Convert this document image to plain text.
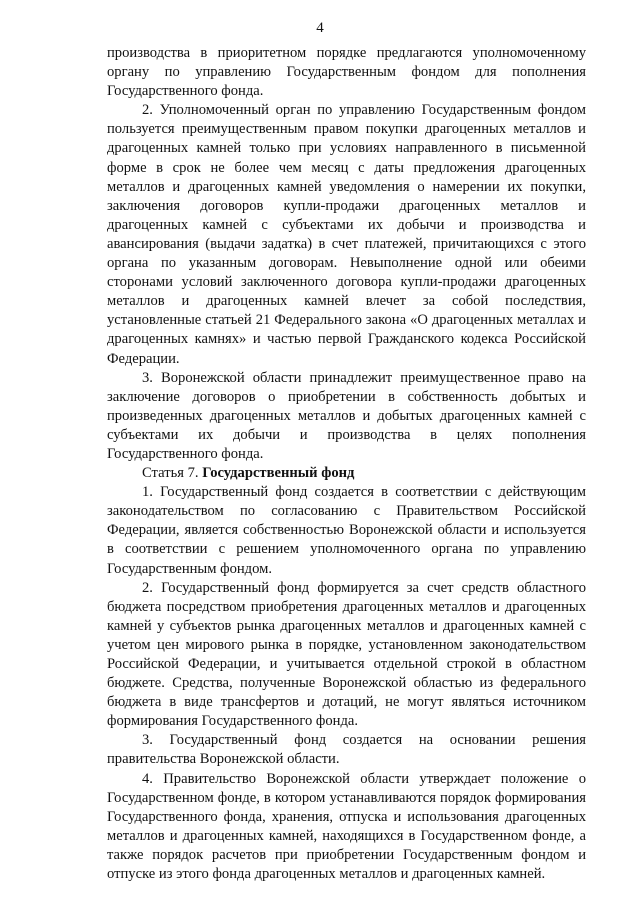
4

производства в приоритетном порядке предлагаются уполномоченному органу по управлению Государственным фондом для пополнения Государственного фонда.

2. Уполномоченный орган по управлению Государственным фондом пользуется преимущественным правом покупки драгоценных металлов и драгоценных камней только при условиях направленного в письменной форме в срок не более чем месяц с даты предложения драгоценных металлов и драгоценных камней уведомления о намерении их покупки, заключения договоров купли-продажи драгоценных металлов и драгоценных камней с субъектами их добычи и производства и авансирования (выдачи задатка) в счет платежей, причитающихся с этого органа по указанным договорам. Невыполнение одной или обеими сторонами условий заключенного договора купли-продажи драгоценных металлов и драгоценных камней влечет за собой последствия, установленные статьей 21 Федерального закона «О драгоценных металлах и драгоценных камнях» и частью первой Гражданского кодекса Российской Федерации.

3. Воронежской области принадлежит преимущественное право на заключение договоров о приобретении в собственность добытых и произведенных драгоценных металлов и добытых драгоценных камней с субъектами их добычи и производства в целях пополнения Государственного фонда.

Статья 7. Государственный фонд

1. Государственный фонд создается в соответствии с действующим законодательством по согласованию с Правительством Российской Федерации, является собственностью Воронежской области и используется в соответствии с решением уполномоченного органа по управлению Государственным фондом.

2. Государственный фонд формируется за счет средств областного бюджета посредством приобретения драгоценных металлов и драгоценных камней у субъектов рынка драгоценных металлов и драгоценных камней с учетом цен мирового рынка в порядке, установленном законодательством Российской Федерации, и учитывается отдельной строкой в областном бюджете. Средства, полученные Воронежской областью из федерального бюджета в виде трансфертов и дотаций, не могут являться источником формирования Государственного фонда.

3. Государственный фонд создается на основании решения правительства Воронежской области.

4. Правительство Воронежской области утверждает положение о Государственном фонде, в котором устанавливаются порядок формирования Государственного фонда, хранения, отпуска и использования драгоценных металлов и драгоценных камней, находящихся в Государственном фонде, а также порядок расчетов при приобретении Государственным фондом и отпуске из этого фонда драгоценных металлов и драгоценных камней.
